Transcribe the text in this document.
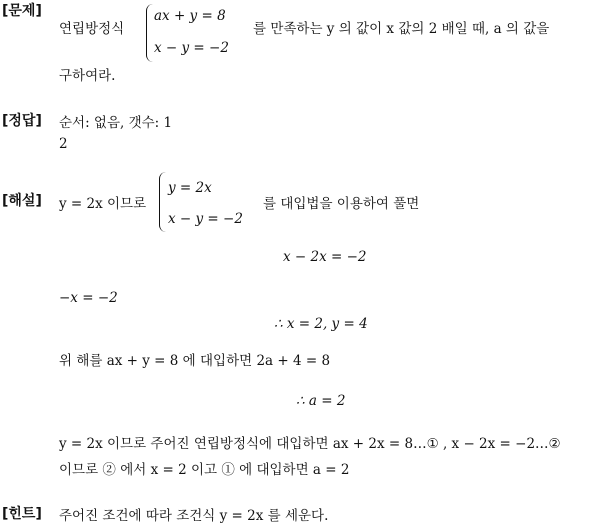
[문제]
연립방정식
ax + y = 8
x − y = −2
를 만족하는 y 의 값이 x 값의 2 배일 때, a 의 값을
구하여라.
[정답] 순서: 없음, 갯수: 1
2
[해설] y = 2x 이므로
y = 2x
x − y = −2
를 대입법을 이용하여 풀면
x − 2x = −2
−x = −2
∴ x = 2, y = 4
위 해를 ax + y = 8 에 대입하면 2a + 4 = 8
∴ a = 2
y = 2x 이므로 주어진 연립방정식에 대입하면 ax + 2x = 8…① , x − 2x = −2…②
이므로 ② 에서 x = 2 이고 ① 에 대입하면 a = 2
[힌트] 주어진 조건에 따라 조건식 y = 2x 를 세운다.
